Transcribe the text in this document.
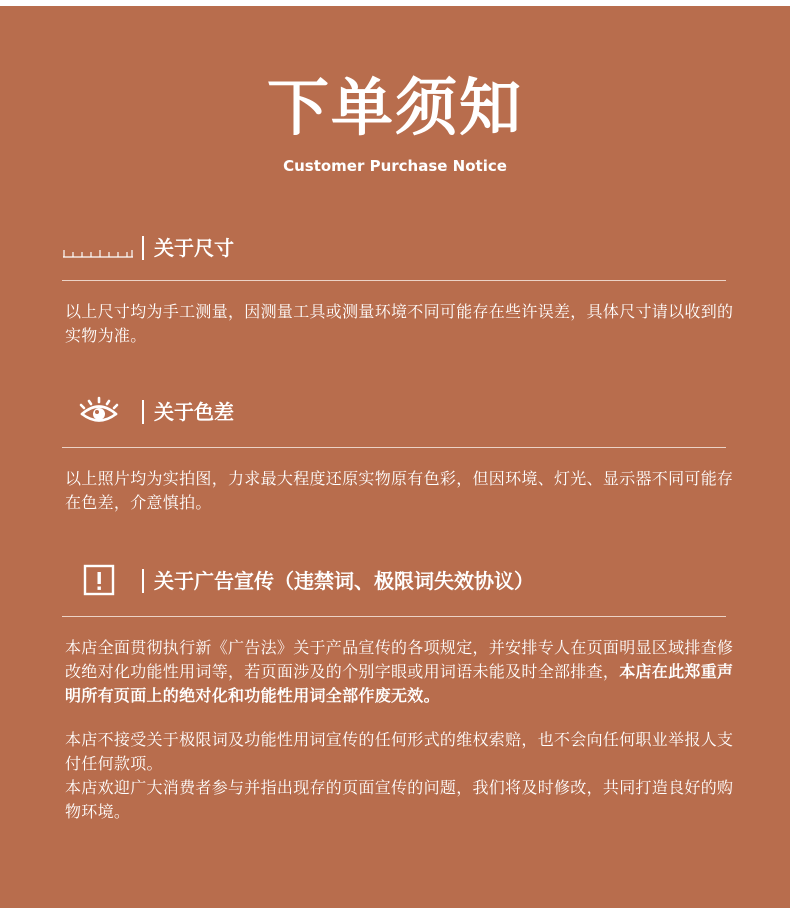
下单须知
Customer Purchase Notice
关于尺寸
以上尺寸均为手工测量，因测量工具或测量环境不同可能存在些许误差，具体尺寸请以收到的实物为准。
关于色差
以上照片均为实拍图，力求最大程度还原实物原有色彩，但因环境、灯光、显示器不同可能存在色差，介意慎拍。
关于广告宣传（违禁词、极限词失效协议）
本店全面贯彻执行新《广告法》关于产品宣传的各项规定，并安排专人在页面明显区域排查修改绝对化功能性用词等，若页面涉及的个别字眼或用词语未能及时全部排查，本店在此郑重声明所有页面上的绝对化和功能性用词全部作废无效。
本店不接受关于极限词及功能性用词宣传的任何形式的维权索赔，也不会向任何职业举报人支付任何款项。
本店欢迎广大消费者参与并指出现存的页面宣传的问题，我们将及时修改，共同打造良好的购物环境。
